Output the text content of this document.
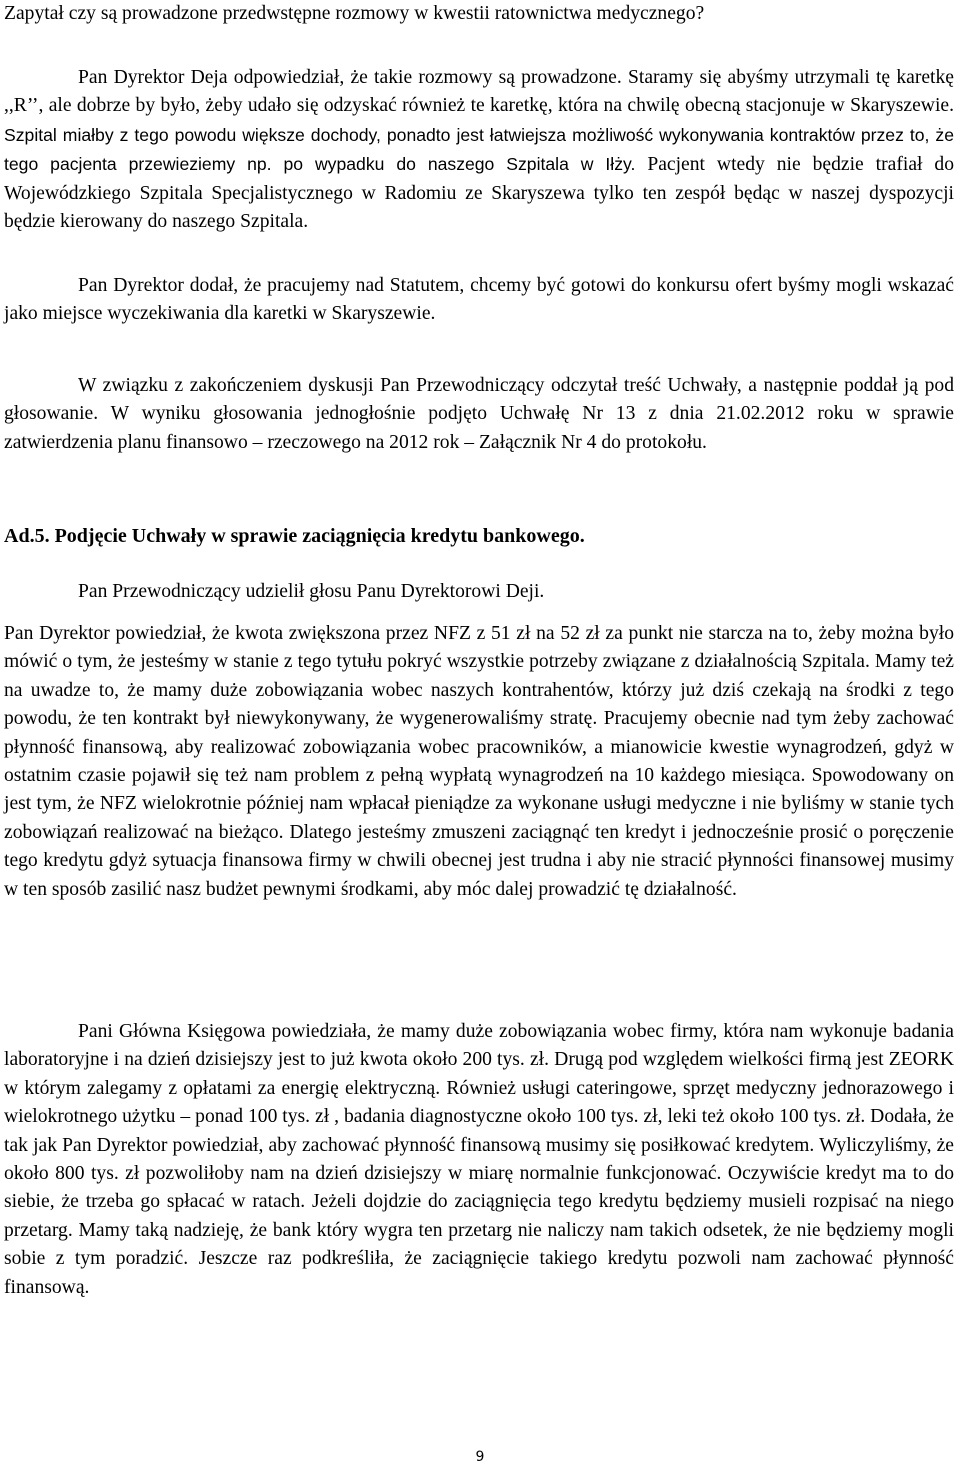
Zapytał czy są prowadzone przedwstępne rozmowy w kwestii ratownictwa medycznego?

Pan Dyrektor Deja odpowiedział, że takie rozmowy są prowadzone. Staramy się abyśmy utrzymali tę karetkę ,,R’’, ale dobrze by było, żeby udało się odzyskać również te karetkę, która na chwilę obecną stacjonuje w Skaryszewie. Szpital miałby z tego powodu większe dochody, ponadto jest łatwiejsza możliwość wykonywania kontraktów przez to, że tego pacjenta przewieziemy np. po wypadku do naszego Szpitala w Iłży. Pacjent wtedy nie będzie trafiał do Wojewódzkiego Szpitala Specjalistycznego w Radomiu ze Skaryszewa tylko ten zespół będąc w naszej dyspozycji będzie kierowany do naszego Szpitala.

Pan Dyrektor dodał, że pracujemy nad Statutem, chcemy być gotowi do konkursu ofert byśmy mogli wskazać jako miejsce wyczekiwania dla karetki w Skaryszewie.

W związku z zakończeniem dyskusji Pan Przewodniczący odczytał treść Uchwały, a następnie poddał ją pod głosowanie. W wyniku głosowania jednogłośnie podjęto Uchwałę Nr 13 z dnia 21.02.2012 roku w sprawie zatwierdzenia planu finansowo – rzeczowego na 2012 rok – Załącznik Nr 4 do protokołu.

Ad.5. Podjęcie Uchwały w sprawie zaciągnięcia kredytu bankowego.

Pan Przewodniczący udzielił głosu Panu Dyrektorowi Deji.

Pan Dyrektor powiedział, że kwota zwiększona przez NFZ z 51 zł na 52 zł za punkt nie starcza na to, żeby można było mówić o tym, że jesteśmy w stanie z tego tytułu pokryć wszystkie potrzeby związane z działalnością Szpitala. Mamy też na uwadze to, że mamy duże zobowiązania wobec naszych kontrahentów, którzy już dziś czekają na środki z tego powodu, że ten kontrakt był niewykonywany, że wygenerowaliśmy stratę. Pracujemy obecnie nad tym żeby zachować płynność finansową, aby realizować zobowiązania wobec pracowników, a mianowicie kwestie wynagrodzeń, gdyż w ostatnim czasie pojawił się też nam problem z pełną wypłatą wynagrodzeń na 10 każdego miesiąca. Spowodowany on jest tym, że NFZ wielokrotnie później nam wpłacał pieniądze za wykonane usługi medyczne i nie byliśmy w stanie tych zobowiązań realizować na bieżąco. Dlatego jesteśmy zmuszeni zaciągnąć ten kredyt i jednocześnie prosić o poręczenie tego kredytu gdyż sytuacja finansowa firmy w chwili obecnej jest trudna i aby nie stracić płynności finansowej musimy w ten sposób zasilić nasz budżet pewnymi środkami, aby móc dalej prowadzić tę działalność.

Pani Główna Księgowa powiedziała, że mamy duże zobowiązania wobec firmy, która nam wykonuje badania laboratoryjne i na dzień dzisiejszy jest to już kwota około 200 tys. zł. Drugą pod względem wielkości firmą jest ZEORK w którym zalegamy z opłatami za energię elektryczną. Również usługi cateringowe, sprzęt medyczny jednorazowego i wielokrotnego użytku – ponad 100 tys. zł , badania diagnostyczne około 100 tys. zł, leki też około 100 tys. zł. Dodała, że tak jak Pan Dyrektor powiedział, aby zachować płynność finansową musimy się posiłkować kredytem. Wyliczyliśmy, że około 800 tys. zł pozwoliłoby nam na dzień dzisiejszy w miarę normalnie funkcjonować. Oczywiście kredyt ma to do siebie, że trzeba go spłacać w ratach. Jeżeli dojdzie do zaciągnięcia tego kredytu będziemy musieli rozpisać na niego przetarg. Mamy taką nadzieję, że bank który wygra ten przetarg nie naliczy nam takich odsetek, że nie będziemy mogli sobie z tym poradzić. Jeszcze raz podkreśliła, że zaciągnięcie takiego kredytu pozwoli nam zachować płynność finansową.

9
